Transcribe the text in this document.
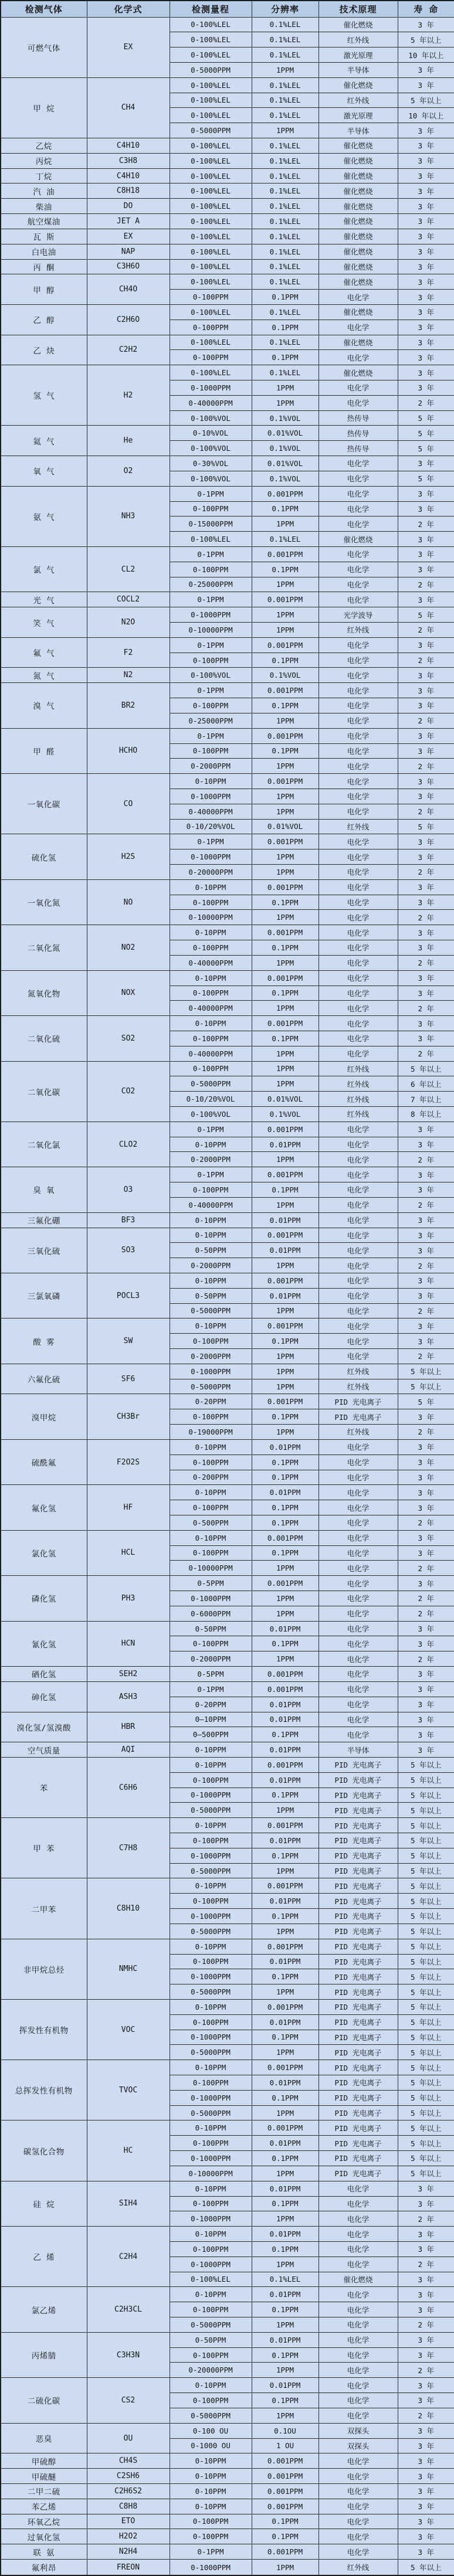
检测气体	化学式	检测量程	分辨率	技术原理	寿 命
可燃气体	EX	0-100%LEL	0.1%LEL	催化燃烧	3 年
		0-100%LEL	0.1%LEL	红外线	5 年以上
		0-100%LEL	0.1%LEL	激光原理	10 年以上
		0-5000PPM	1PPM	半导体	3 年
甲 烷	CH4	0-100%LEL	0.1%LEL	催化燃烧	3 年
		0-100%LEL	0.1%LEL	红外线	5 年以上
		0-100%LEL	0.1%LEL	激光原理	10 年以上
		0-5000PPM	1PPM	半导体	3 年
乙烷	C4H10	0-100%LEL	0.1%LEL	催化燃烧	3 年
丙烷	C3H8	0-100%LEL	0.1%LEL	催化燃烧	3 年
丁烷	C4H10	0-100%LEL	0.1%LEL	催化燃烧	3 年
汽 油	C8H18	0-100%LEL	0.1%LEL	催化燃烧	3 年
柴油	DO	0-100%LEL	0.1%LEL	催化燃烧	3 年
航空煤油	JET A	0-100%LEL	0.1%LEL	催化燃烧	3 年
瓦 斯	EX	0-100%LEL	0.1%LEL	催化燃烧	3 年
白电油	NAP	0-100%LEL	0.1%LEL	催化燃烧	3 年
丙 酮	C3H6O	0-100%LEL	0.1%LEL	催化燃烧	3 年
甲 醇	CH4O	0-100%LEL	0.1%LEL	催化燃烧	3 年
		0-100PPM	0.1PPM	电化学	3 年
乙 醇	C2H6O	0-100%LEL	0.1%LEL	催化燃烧	3 年
		0-100PPM	0.1PPM	电化学	3 年
乙 炔	C2H2	0-100%LEL	0.1%LEL	催化燃烧	3 年
		0-100PPM	0.1PPM	电化学	3 年
氢 气	H2	0-100%LEL	0.1%LEL	催化燃烧	3 年
		0-1000PPM	1PPM	电化学	3 年
		0-40000PPM	1PPM	电化学	2 年
		0-100%VOL	0.1%VOL	热传导	5 年
氦 气	He	0-10%VOL	0.01%VOL	热传导	5 年
		0-100%VOL	0.1%VOL	热传导	5 年
氧 气	O2	0-30%VOL	0.01%VOL	电化学	3 年
		0-100%VOL	0.1%VOL	电化学	5 年
氨 气	NH3	0-1PPM	0.001PPM	电化学	3 年
		0-100PPM	0.1PPM	电化学	3 年
		0-15000PPM	1PPM	电化学	2 年
		0-100%LEL	0.1%LEL	催化燃烧	3 年
氯 气	CL2	0-1PPM	0.001PPM	电化学	3 年
		0-100PPM	0.1PPM	电化学	3 年
		0-25000PPM	1PPM	电化学	2 年
光 气	COCL2	0-1PPM	0.001PPM	电化学	3 年
笑 气	N2O	0-1000PPM	1PPM	光学波导	5 年
		0-10000PPM	1PPM	红外线	2 年
氟 气	F2	0-1PPM	0.001PPM	电化学	3 年
		0-100PPM	0.1PPM	电化学	2 年
氮 气	N2	0-100%VOL	0.1%VOL	电化学	3 年
溴 气	BR2	0-1PPM	0.001PPM	电化学	3 年
		0-100PPM	0.1PPM	电化学	3 年
		0-25000PPM	1PPM	电化学	2 年
甲 醛	HCHO	0-1PPM	0.001PPM	电化学	3 年
		0-100PPM	0.1PPM	电化学	3 年
		0-2000PPM	1PPM	电化学	2 年
一氧化碳	CO	0-10PPM	0.001PPM	电化学	3 年
		0-1000PPM	1PPM	电化学	3 年
		0-40000PPM	1PPM	电化学	2 年
		0-10/20%VOL	0.01%VOL	红外线	5 年
硫化氢	H2S	0-1PPM	0.001PPM	电化学	3 年
		0-1000PPM	1PPM	电化学	3 年
		0-20000PPM	1PPM	电化学	2 年
一氧化氮	NO	0-10PPM	0.001PPM	电化学	3 年
		0-100PPM	0.1PPM	电化学	3 年
		0-10000PPM	1PPM	电化学	2 年
二氧化氮	NO2	0-10PPM	0.001PPM	电化学	3 年
		0-100PPM	0.1PPM	电化学	3 年
		0-40000PPM	1PPM	电化学	2 年
氮氧化物	NOX	0-10PPM	0.001PPM	电化学	3 年
		0-100PPM	0.1PPM	电化学	3 年
		0-40000PPM	1PPM	电化学	2 年
二氧化硫	SO2	0-10PPM	0.001PPM	电化学	3 年
		0-100PPM	0.1PPM	电化学	3 年
		0-40000PPM	1PPM	电化学	2 年
二氧化碳	CO2	0-100PPM	1PPM	红外线	5 年以上
		0-5000PPM	1PPM	红外线	6 年以上
		0-10/20%VOL	0.01%VOL	红外线	7 年以上
		0-100%VOL	0.1%VOL	红外线	8 年以上
二氧化氯	CLO2	0-1PPM	0.001PPM	电化学	3 年
		0-10PPM	0.01PPM	电化学	3 年
		0-2000PPM	1PPM	电化学	2 年
臭 氧	O3	0-1PPM	0.001PPM	电化学	3 年
		0-100PPM	0.1PPM	电化学	3 年
		0-40000PPM	1PPM	电化学	2 年
三氟化硼	BF3	0-10PPM	0.01PPM	电化学	3 年
三氧化硫	SO3	0-10PPM	0.001PPM	电化学	3 年
		0-50PPM	0.01PPM	电化学	3 年
		0-2000PPM	1PPM	电化学	2 年
三氯氧磷	POCL3	0-10PPM	0.001PPM	电化学	3 年
		0-50PPM	0.01PPM	电化学	3 年
		0-5000PPM	1PPM	电化学	2 年
酸 雾	SW	0-10PPM	0.001PPM	电化学	3 年
		0-100PPM	0.1PPM	电化学	3 年
		0-2000PPM	1PPM	电化学	2 年
六氟化硫	SF6	0-1000PPM	1PPM	红外线	5 年以上
		0-5000PPM	1PPM	红外线	5 年以上
溴甲烷	CH3Br	0-20PPM	0.001PPM	PID 光电离子	5 年
		0-100PPM	0.1PPM	PID 光电离子	3 年
		0-19000PPM	1PPM	红外线	2 年
硫酰氟	F2O2S	0-10PPM	0.01PPM	电化学	3 年
		0-100PPM	0.1PPM	电化学	3 年
		0-200PPM	0.1PPM	电化学	3 年
氟化氢	HF	0-10PPM	0.01PPM	电化学	3 年
		0-100PPM	0.1PPM	电化学	3 年
		0-500PPM	0.1PPM	电化学	2 年
氯化氢	HCL	0-10PPM	0.001PPM	电化学	3 年
		0-100PPM	0.1PPM	电化学	3 年
		0-10000PPM	1PPM	电化学	2 年
磷化氢	PH3	0-5PPM	0.001PPM	电化学	3 年
		0-1000PPM	1PPM	电化学	2 年
		0-6000PPM	1PPM	电化学	2 年
氰化氢	HCN	0-50PPM	0.01PPM	电化学	3 年
		0-100PPM	0.1PPM	电化学	3 年
		0-2000PPM	1PPM	电化学	2 年
硒化氢	SEH2	0-5PPM	0.001PPM	电化学	3 年
砷化氢	ASH3	0-1PPM	0.001PPM	电化学	3 年
		0-20PPM	0.01PPM	电化学	3 年
溴化氢/氢溴酸	HBR	0—10PPM	0.01PPM	电化学	3 年
		0—500PPM	0.1PPM	电化学	3 年
空气质量	AQI	0-10PPM	0.01PPM	半导体	3 年
苯	C6H6	0-10PPM	0.001PPM	PID 光电离子	5 年以上
		0-100PPM	0.01PPM	PID 光电离子	5 年以上
		0-1000PPM	0.1PPM	PID 光电离子	5 年以上
		0-5000PPM	1PPM	PID 光电离子	5 年以上
甲 苯	C7H8	0-10PPM	0.001PPM	PID 光电离子	5 年以上
		0-100PPM	0.01PPM	PID 光电离子	5 年以上
		0-1000PPM	0.1PPM	PID 光电离子	5 年以上
		0-5000PPM	1PPM	PID 光电离子	5 年以上
二甲苯	C8H10	0-10PPM	0.001PPM	PID 光电离子	5 年以上
		0-100PPM	0.01PPM	PID 光电离子	5 年以上
		0-1000PPM	0.1PPM	PID 光电离子	5 年以上
		0-5000PPM	1PPM	PID 光电离子	5 年以上
非甲烷总烃	NMHC	0-10PPM	0.001PPM	PID 光电离子	5 年以上
		0-100PPM	0.01PPM	PID 光电离子	5 年以上
		0-1000PPM	0.1PPM	PID 光电离子	5 年以上
		0-5000PPM	1PPM	PID 光电离子	5 年以上
挥发性有机物	VOC	0-10PPM	0.001PPM	PID 光电离子	5 年以上
		0-100PPM	0.01PPM	PID 光电离子	5 年以上
		0-1000PPM	0.1PPM	PID 光电离子	5 年以上
		0-5000PPM	1PPM	PID 光电离子	5 年以上
总挥发性有机物	TVOC	0-10PPM	0.001PPM	PID 光电离子	5 年以上
		0-100PPM	0.01PPM	PID 光电离子	5 年以上
		0-1000PPM	0.1PPM	PID 光电离子	5 年以上
		0-5000PPM	1PPM	PID 光电离子	5 年以上
碳氢化合物	HC	0-10PPM	0.001PPM	PID 光电离子	5 年以上
		0-100PPM	0.01PPM	PID 光电离子	5 年以上
		0-1000PPM	0.1PPM	PID 光电离子	5 年以上
		0-10000PPM	1PPM	PID 光电离子	5 年以上
硅 烷	SIH4	0-10PPM	0.01PPM	电化学	3 年
		0-100PPM	0.1PPM	电化学	3 年
		0-1000PPM	1PPM	电化学	2 年
乙 烯	C2H4	0-10PPM	0.01PPM	电化学	3 年
		0-100PPM	0.1PPM	电化学	3 年
		0-1000PPM	1PPM	电化学	2 年
		0-100%LEL	0.1%LEL	催化燃烧	3 年
氯乙烯	C2H3CL	0-10PPM	0.01PPM	电化学	3 年
		0-100PPM	0.1PPM	电化学	3 年
		0-5000PPM	1PPM	电化学	2 年
丙烯腈	C3H3N	0-50PPM	0.01PPM	电化学	3 年
		0-100PPM	0.1PPM	电化学	3 年
		0-20000PPM	1PPM	电化学	2 年
二硫化碳	CS2	0-10PPM	0.01PPM	电化学	3 年
		0-100PPM	0.1PPM	电化学	3 年
		0-5000PPM	1PPM	电化学	2 年
恶臭	OU	0-100 OU	0.1OU	双探头	3 年
		0-1000 OU	1 OU	双探头	3 年
甲硫醇	CH4S	0-10PPM	0.001PPM	电化学	3 年
甲硫醚	C2SH6	0-10PPM	0.001PPM	电化学	3 年
二甲二硫	C2H6S2	0-10PPM	0.001PPM	电化学	3 年
苯乙烯	C8H8	0-10PPM	0.001PPM	电化学	3 年
环氧乙烷	ETO	0-100PPM	0.1PPM	电化学	3 年
过氧化氢	H2O2	0-100PPM	0.1PPM	电化学	3 年
联 氨	N2H4	0-1PPM	0.001PPM	电化学	3 年
氟利昂	FREON	0-1000PPM	1PPM	红外线	5 年以上
